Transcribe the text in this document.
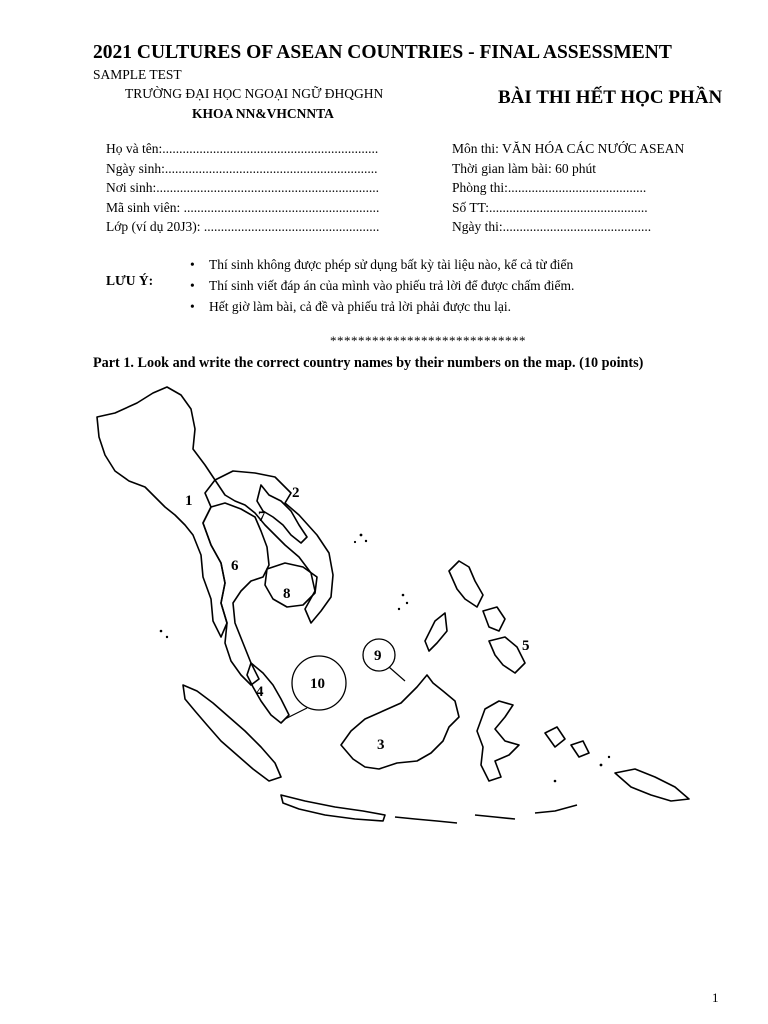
2021 CULTURES OF ASEAN COUNTRIES - FINAL ASSESSMENT
SAMPLE TEST
TRƯỜNG ĐẠI HỌC NGOẠI NGỮ ĐHQGHN
KHOA NN&VHCNNTA
BÀI THI HẾT HỌC PHẦN
Họ và tên:................................................................
Ngày sinh:...............................................................
Nơi sinh:..................................................................
Mã sinh viên: ..........................................................
Lớp (ví dụ 20J3): ....................................................
Môn thi: VĂN HÓA CÁC NƯỚC ASEAN
Thời gian làm bài: 60 phút
Phòng thi:.........................................
Số TT:...............................................
Ngày thi:............................................
LƯU Ý:
• Thí sinh không được phép sử dụng bất kỳ tài liệu nào, kể cả từ điển
• Thí sinh viết đáp án của mình vào phiếu trả lời để được chấm điểm.
• Hết giờ làm bài, cả đề và phiếu trả lời phải được thu lại.
****************************
Part 1. Look and write the correct country names by their numbers on the map. (10 points)
1	2
3
4
5
6
7
8
9
10
1
